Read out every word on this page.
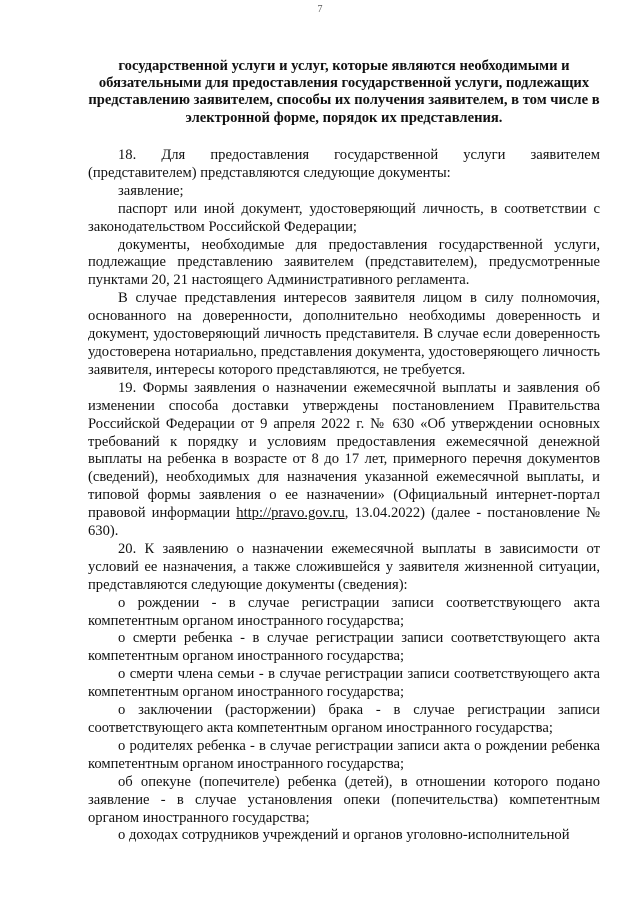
7
государственной услуги и услуг, которые являются необходимыми и обязательными для предоставления государственной услуги, подлежащих представлению заявителем, способы их получения заявителем, в том числе в электронной форме, порядок их представления.

18. Для предоставления государственной услуги заявителем (представителем) представляются следующие документы:

заявление;

паспорт или иной документ, удостоверяющий личность, в соответствии с законодательством Российской Федерации;

документы, необходимые для предоставления государственной услуги, подлежащие представлению заявителем (представителем), предусмотренные пунктами 20, 21 настоящего Административного регламента.

В случае представления интересов заявителя лицом в силу полномочия, основанного на доверенности, дополнительно необходимы доверенность и документ, удостоверяющий личность представителя. В случае если доверенность удостоверена нотариально, представления документа, удостоверяющего личность заявителя, интересы которого представляются, не требуется.

19. Формы заявления о назначении ежемесячной выплаты и заявления об изменении способа доставки утверждены постановлением Правительства Российской Федерации от 9 апреля 2022 г. № 630 «Об утверждении основных требований к порядку и условиям предоставления ежемесячной денежной выплаты на ребенка в возрасте от 8 до 17 лет, примерного перечня документов (сведений), необходимых для назначения указанной ежемесячной выплаты, и типовой формы заявления о ее назначении» (Официальный интернет-портал правовой информации http://pravo.gov.ru, 13.04.2022) (далее - постановление № 630).

20. К заявлению о назначении ежемесячной выплаты в зависимости от условий ее назначения, а также сложившейся у заявителя жизненной ситуации, представляются следующие документы (сведения):

о рождении - в случае регистрации записи соответствующего акта компетентным органом иностранного государства;

о смерти ребенка - в случае регистрации записи соответствующего акта компетентным органом иностранного государства;

о смерти члена семьи - в случае регистрации записи соответствующего акта компетентным органом иностранного государства;

о заключении (расторжении) брака - в случае регистрации записи соответствующего акта компетентным органом иностранного государства;

о родителях ребенка - в случае регистрации записи акта о рождении ребенка компетентным органом иностранного государства;

об опекуне (попечителе) ребенка (детей), в отношении которого подано заявление - в случае установления опеки (попечительства) компетентным органом иностранного государства;

о доходах сотрудников учреждений и органов уголовно-исполнительной
